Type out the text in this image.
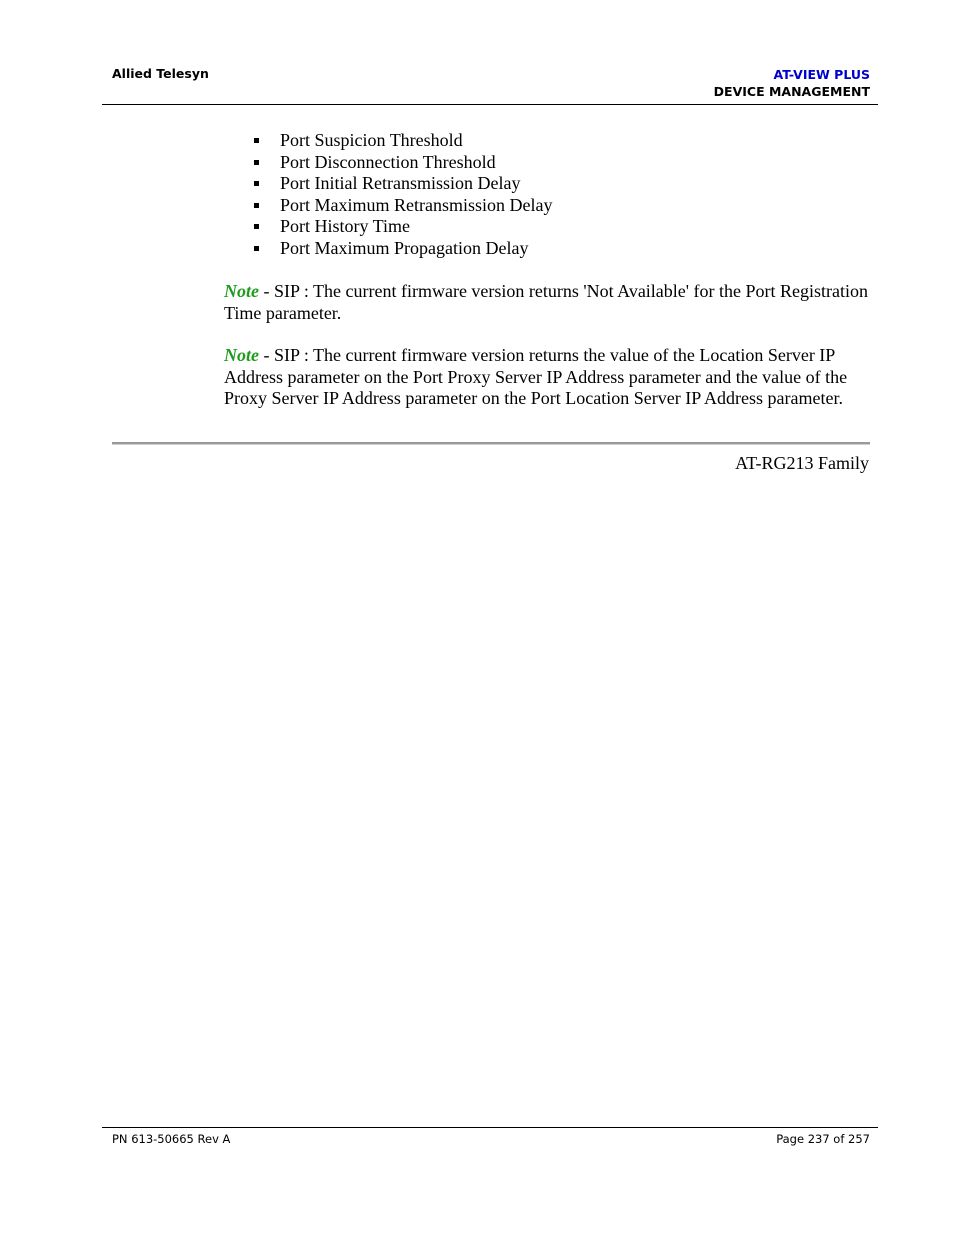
Allied Telesyn	AT-VIEW PLUS
DEVICE MANAGEMENT
Port Suspicion Threshold
Port Disconnection Threshold
Port Initial Retransmission Delay
Port Maximum Retransmission Delay
Port History Time
Port Maximum Propagation Delay

Note - SIP : The current firmware version returns 'Not Available' for the Port Registration Time parameter.

Note - SIP : The current firmware version returns the value of the Location Server IP Address parameter on the Port Proxy Server IP Address parameter and the value of the Proxy Server IP Address parameter on the Port Location Server IP Address parameter.

AT-RG213 Family
PN 613-50665 Rev A	Page 237 of 257
